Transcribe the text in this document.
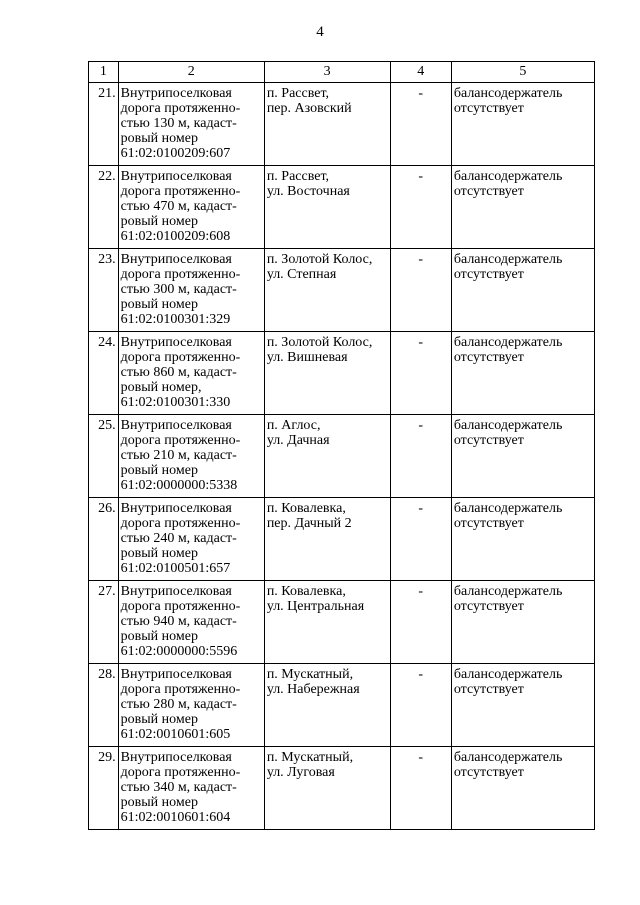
4
1	2	3	4	5
21.	Внутрипоселковая
дорога протяженно-
стью 130 м, кадаст-
ровый номер
61:02:0100209:607	п. Рассвет,
пер. Азовский	-	балансодержатель
отсутствует

22.	Внутрипоселковая
дорога протяженно-
стью 470 м, кадаст-
ровый номер
61:02:0100209:608	п. Рассвет,
ул. Восточная	-	балансодержатель
отсутствует

23.	Внутрипоселковая
дорога протяженно-
стью 300 м, кадаст-
ровый номер
61:02:0100301:329	п. Золотой Колос,
ул. Степная	-	балансодержатель
отсутствует

24.	Внутрипоселковая
дорога протяженно-
стью 860 м, кадаст-
ровый номер,
61:02:0100301:330	п. Золотой Колос,
ул. Вишневая	-	балансодержатель
отсутствует

25.	Внутрипоселковая
дорога протяженно-
стью 210 м, кадаст-
ровый номер
61:02:0000000:5338	п. Аглос,
ул. Дачная	-	балансодержатель
отсутствует

26.	Внутрипоселковая
дорога протяженно-
стью 240 м, кадаст-
ровый номер
61:02:0100501:657	п. Ковалевка,
пер. Дачный 2	-	балансодержатель
отсутствует

27.	Внутрипоселковая
дорога протяженно-
стью 940 м, кадаст-
ровый номер
61:02:0000000:5596	п. Ковалевка,
ул. Центральная	-	балансодержатель
отсутствует

28.	Внутрипоселковая
дорога протяженно-
стью 280 м, кадаст-
ровый номер
61:02:0010601:605	п. Мускатный,
ул. Набережная	-	балансодержатель
отсутствует

29.	Внутрипоселковая
дорога протяженно-
стью 340 м, кадаст-
ровый номер
61:02:0010601:604	п. Мускатный,
ул. Луговая	-	балансодержатель
отсутствует
